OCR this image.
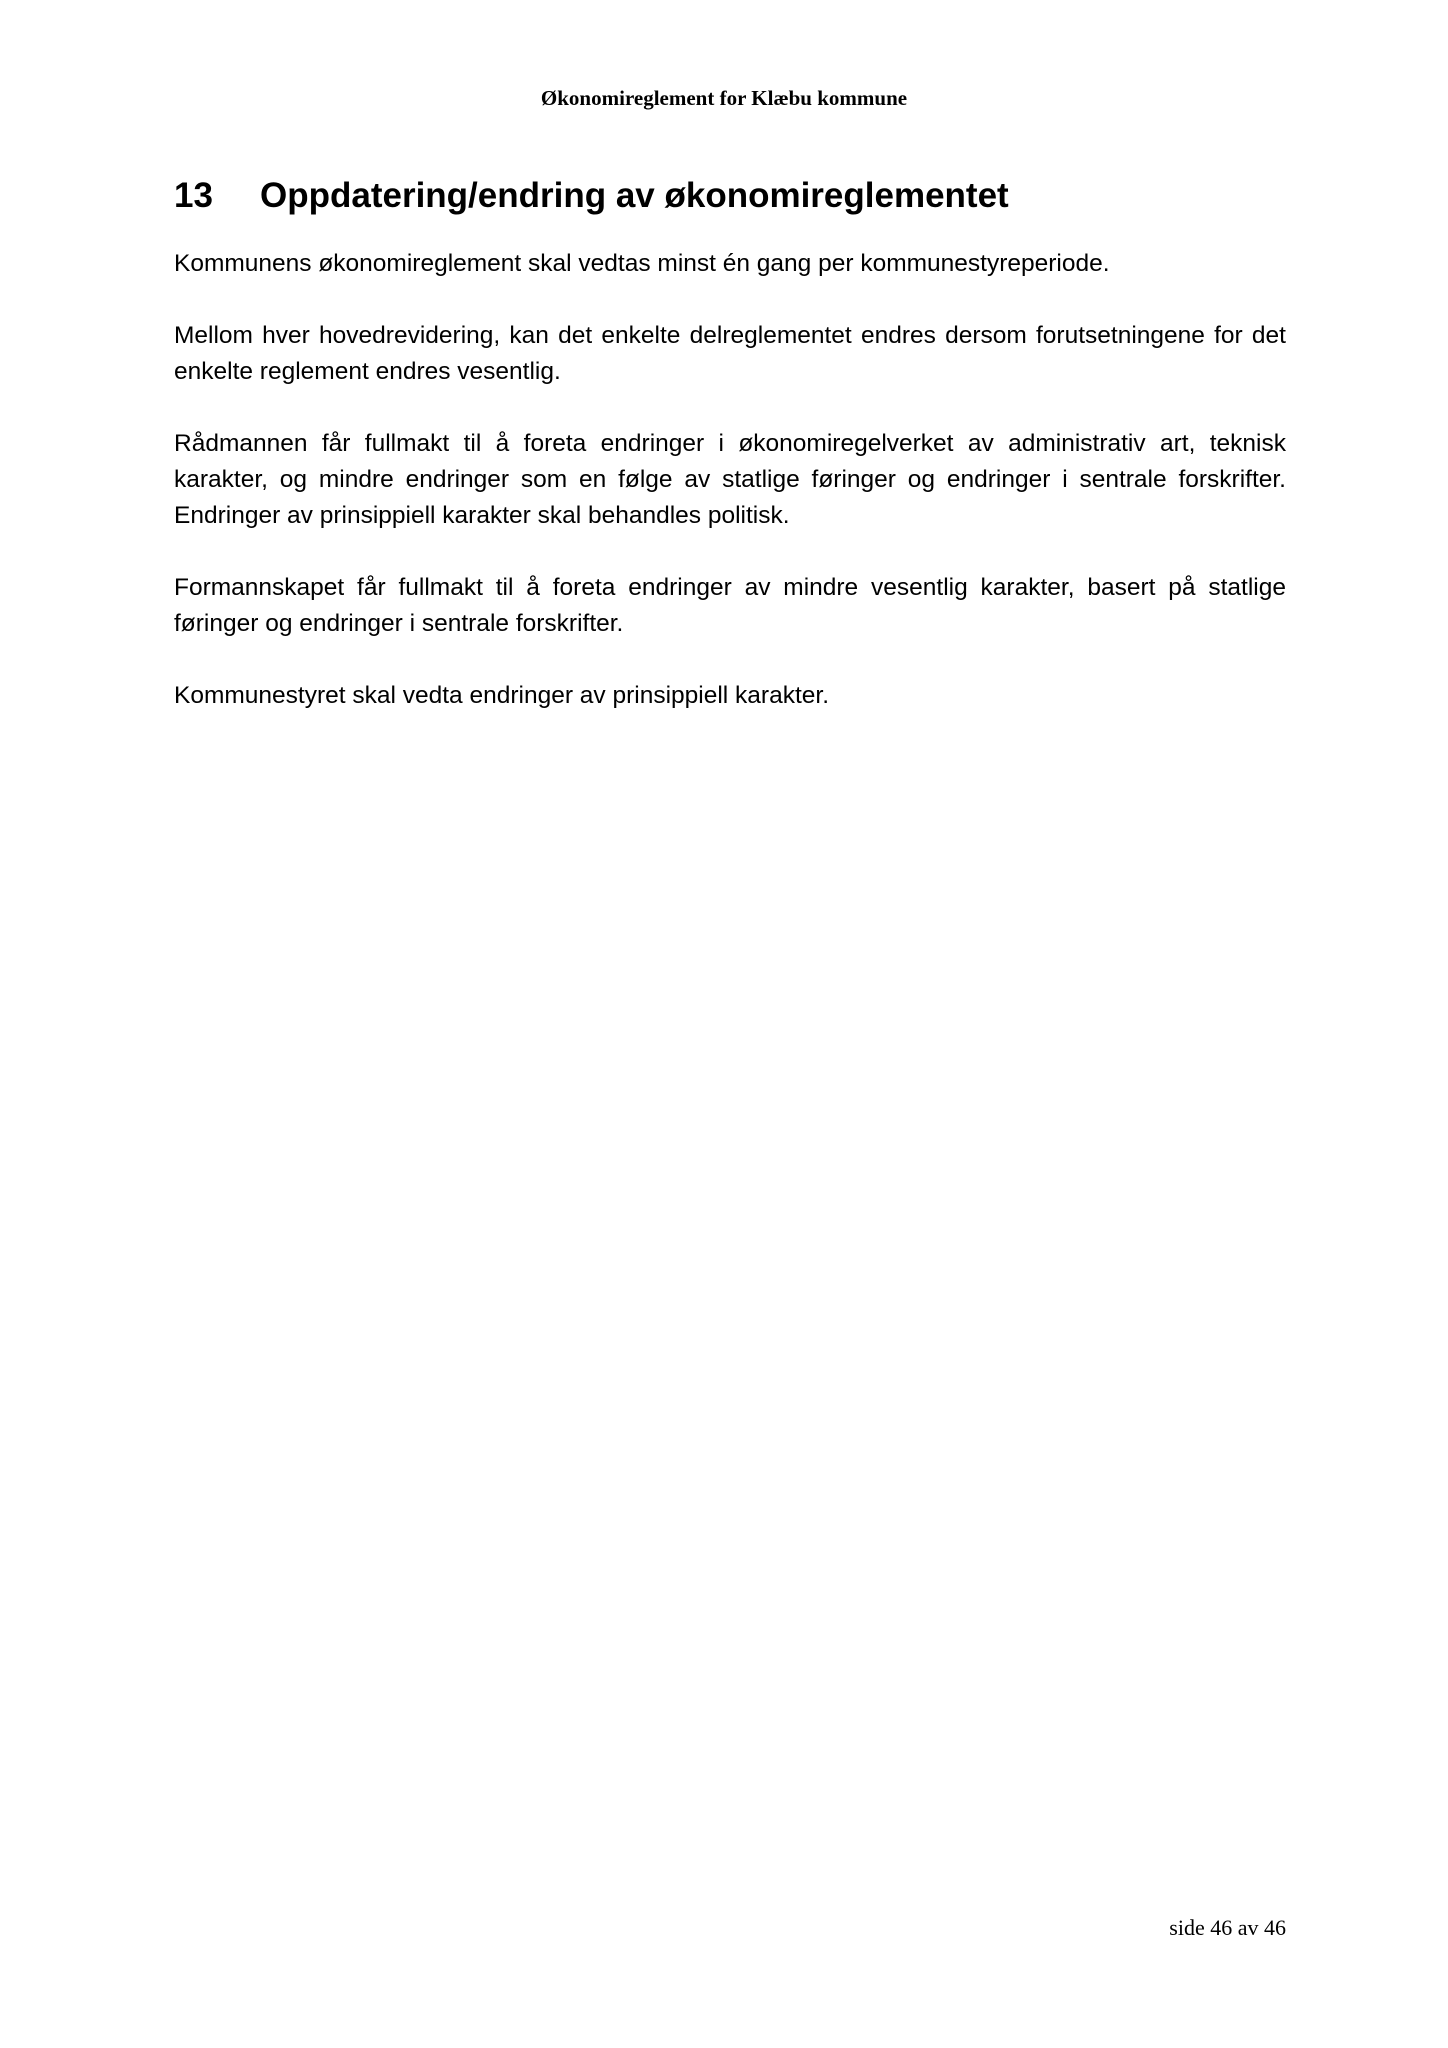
Økonomireglement for Klæbu kommune
13	Oppdatering/endring av økonomireglementet

Kommunens økonomireglement skal vedtas minst én gang per kommunestyreperiode.

Mellom hver hovedrevidering, kan det enkelte delreglementet endres dersom forutsetningene for det enkelte reglement endres vesentlig.

Rådmannen får fullmakt til å foreta endringer i økonomiregelverket av administrativ art, teknisk karakter, og mindre endringer som en følge av statlige føringer og endringer i sentrale forskrifter. Endringer av prinsippiell karakter skal behandles politisk.

Formannskapet får fullmakt til å foreta endringer av mindre vesentlig karakter, basert på statlige føringer og endringer i sentrale forskrifter.

Kommunestyret skal vedta endringer av prinsippiell karakter.

side 46 av 46
